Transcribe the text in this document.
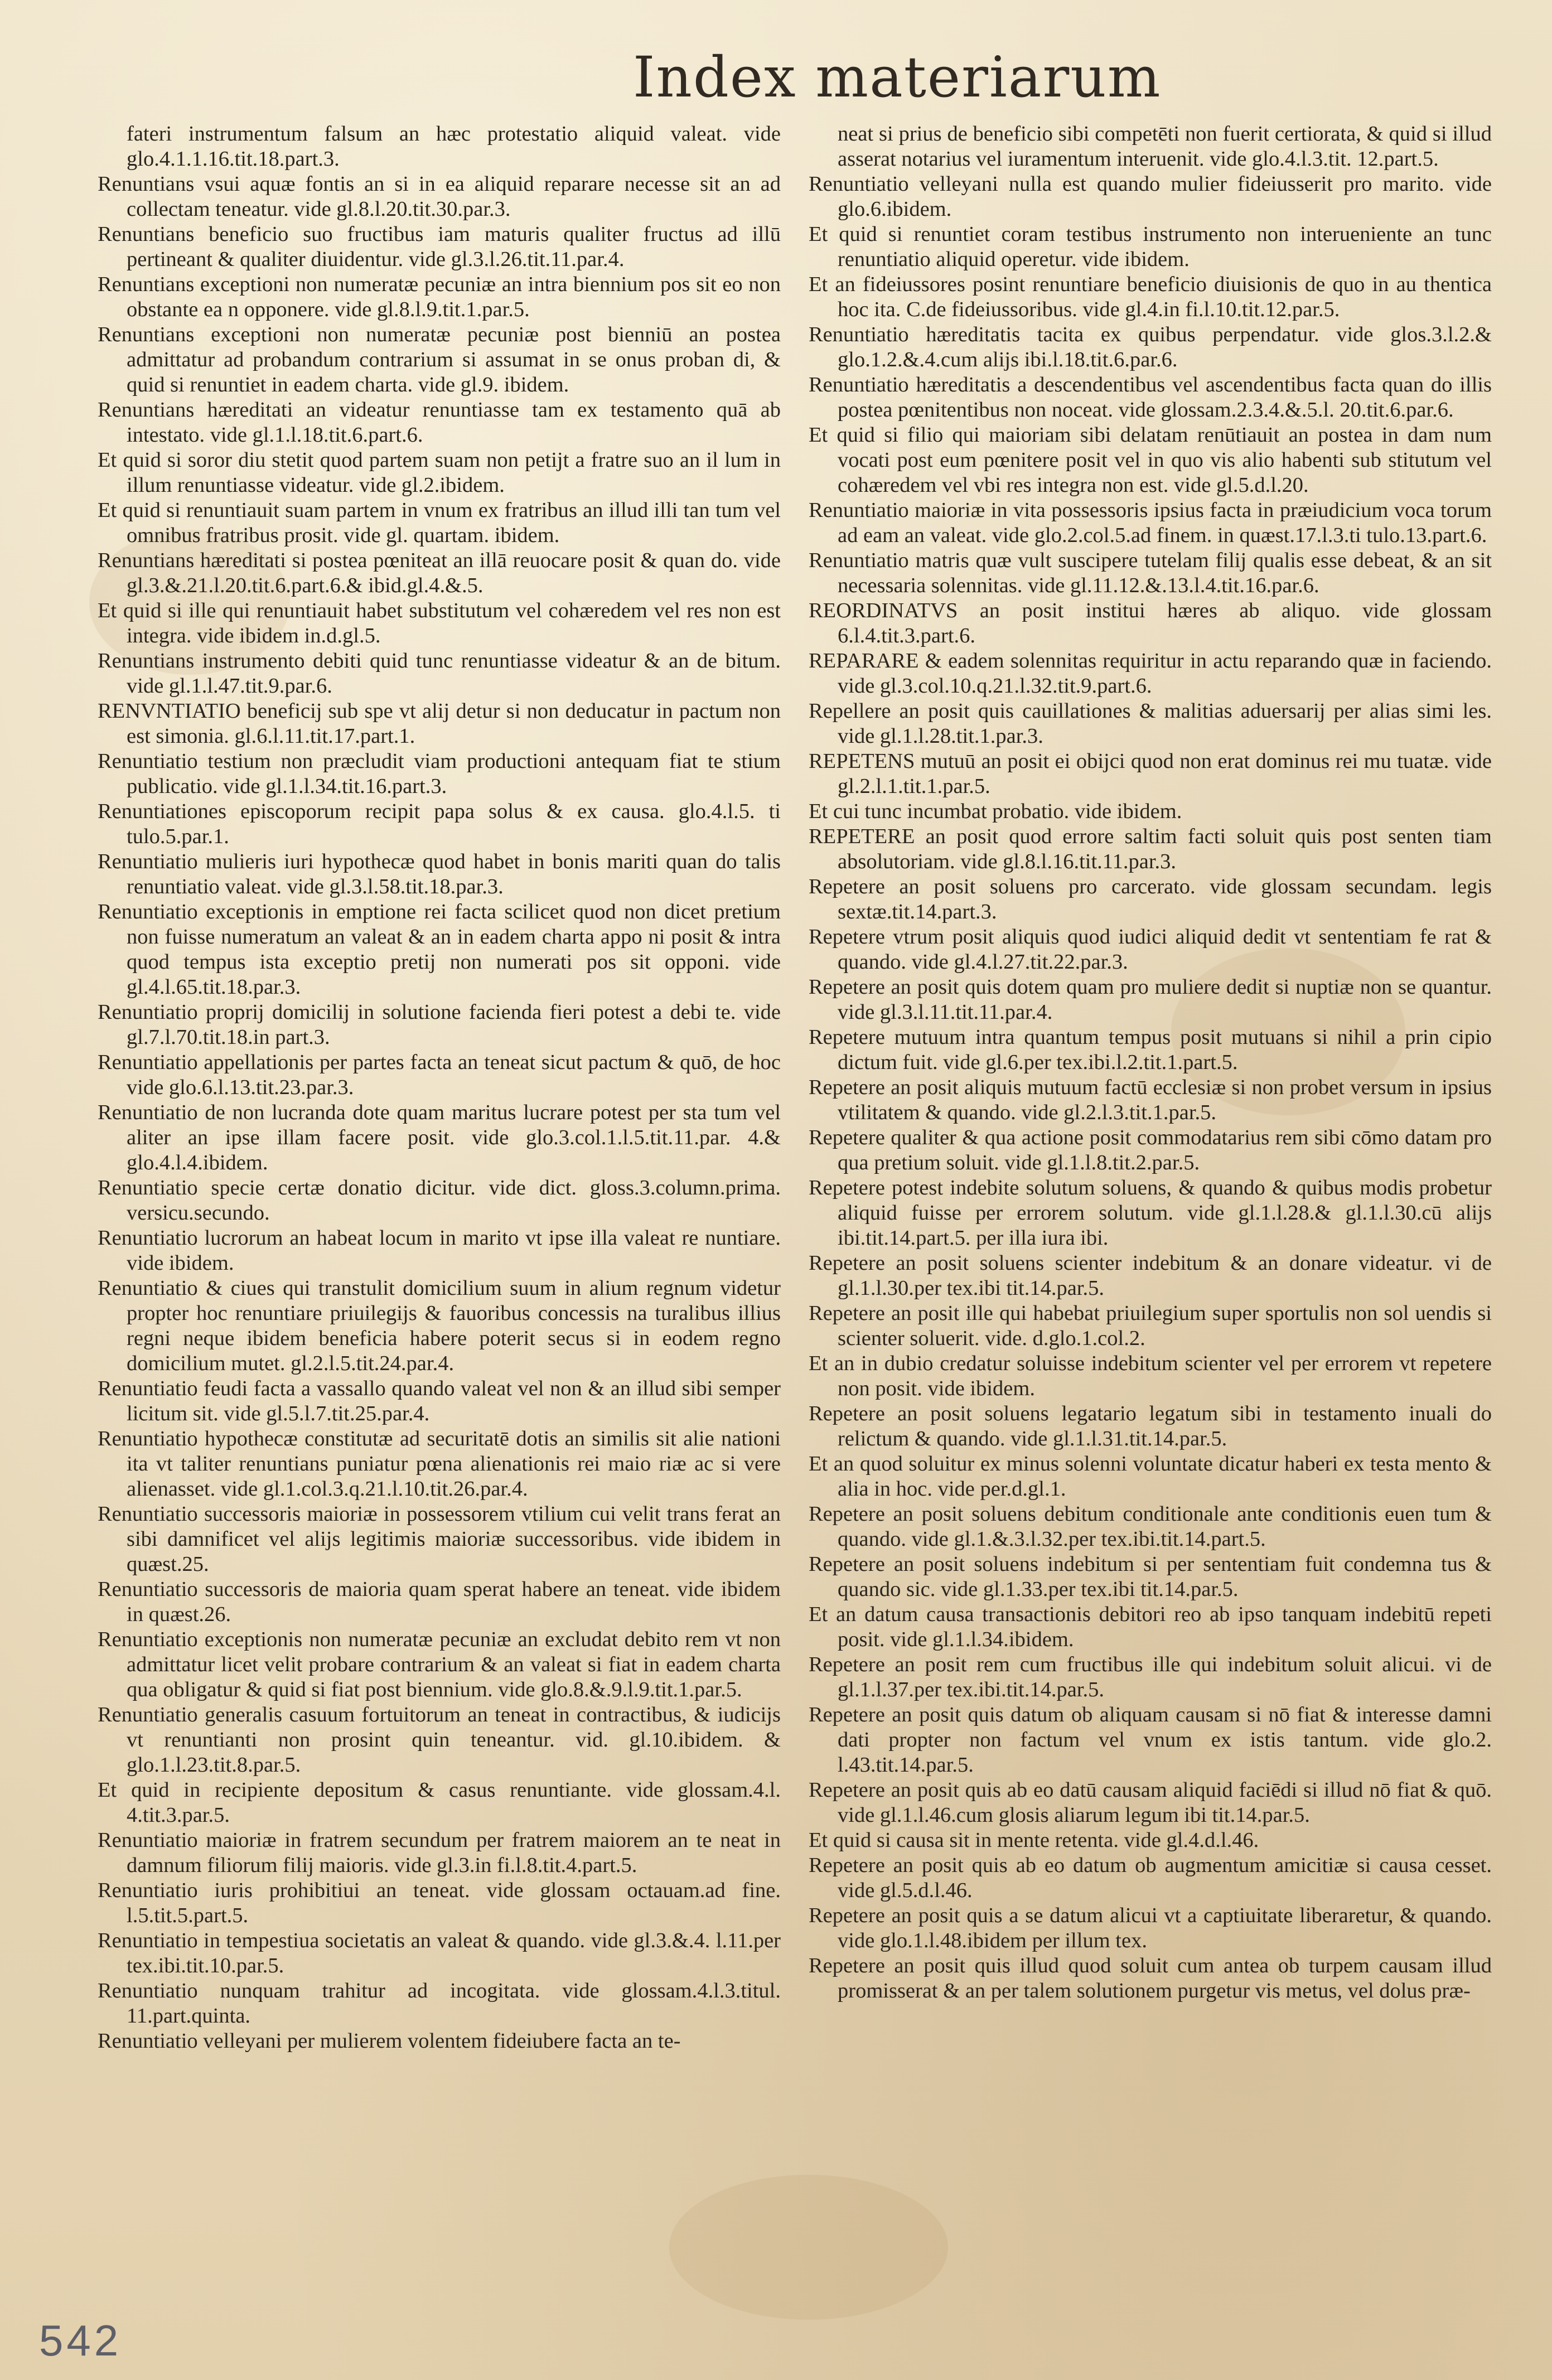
Index materiarum

fateri instrumentum falsum an hæc protestatio aliquid valeat. vide glo.4.1.1.16.tit.18.part.3.

Renuntians vsui aquæ fontis an si in ea aliquid reparare necesse sit an ad collectam teneatur. vide gl.8.l.20.tit.30.par.3.

Renuntians beneficio suo fructibus iam maturis qualiter fructus ad illū pertineant & qualiter diuidentur. vide gl.3.l.26.tit.11.par.4.

Renuntians exceptioni non numeratæ pecuniæ an intra biennium pos sit eo non obstante ea n opponere. vide gl.8.l.9.tit.1.par.5.

Renuntians exceptioni non numeratæ pecuniæ post bienniū an postea admittatur ad probandum contrarium si assumat in se onus proban di, & quid si renuntiet in eadem charta. vide gl.9. ibidem.

Renuntians hæreditati an videatur renuntiasse tam ex testamento quā ab intestato. vide gl.1.l.18.tit.6.part.6.

Et quid si soror diu stetit quod partem suam non petijt a fratre suo an il lum in illum renuntiasse videatur. vide gl.2.ibidem.

Et quid si renuntiauit suam partem in vnum ex fratribus an illud illi tan tum vel omnibus fratribus prosit. vide gl. quartam. ibidem.

Renuntians hæreditati si postea pœniteat an illā reuocare posit & quan do. vide gl.3.&.21.l.20.tit.6.part.6.& ibid.gl.4.&.5.

Et quid si ille qui renuntiauit habet substitutum vel cohæredem vel res non est integra. vide ibidem in.d.gl.5.

Renuntians instrumento debiti quid tunc renuntiasse videatur & an de bitum. vide gl.1.l.47.tit.9.par.6.

RENVNTIATIO beneficij sub spe vt alij detur si non deducatur in pactum non est simonia. gl.6.l.11.tit.17.part.1.

Renuntiatio testium non præcludit viam productioni antequam fiat te stium publicatio. vide gl.1.l.34.tit.16.part.3.

Renuntiationes episcoporum recipit papa solus & ex causa. glo.4.l.5. ti tulo.5.par.1.

Renuntiatio mulieris iuri hypothecæ quod habet in bonis mariti quan do talis renuntiatio valeat. vide gl.3.l.58.tit.18.par.3.

Renuntiatio exceptionis in emptione rei facta scilicet quod non dicet pretium non fuisse numeratum an valeat & an in eadem charta appo ni posit & intra quod tempus ista exceptio pretij non numerati pos sit opponi. vide gl.4.l.65.tit.18.par.3.

Renuntiatio proprij domicilij in solutione facienda fieri potest a debi te. vide gl.7.l.70.tit.18.in part.3.

Renuntiatio appellationis per partes facta an teneat sicut pactum & quō, de hoc vide glo.6.l.13.tit.23.par.3.

Renuntiatio de non lucranda dote quam maritus lucrare potest per sta tum vel aliter an ipse illam facere posit. vide glo.3.col.1.l.5.tit.11.par. 4.& glo.4.l.4.ibidem.

Renuntiatio specie certæ donatio dicitur. vide dict. gloss.3.column.prima. versicu.secundo.

Renuntiatio lucrorum an habeat locum in marito vt ipse illa valeat re nuntiare. vide ibidem.

Renuntiatio & ciues qui transtulit domicilium suum in alium regnum videtur propter hoc renuntiare priuilegijs & fauoribus concessis na turalibus illius regni neque ibidem beneficia habere poterit secus si in eodem regno domicilium mutet. gl.2.l.5.tit.24.par.4.

Renuntiatio feudi facta a vassallo quando valeat vel non & an illud sibi semper licitum sit. vide gl.5.l.7.tit.25.par.4.

Renuntiatio hypothecæ constitutæ ad securitatē dotis an similis sit alie nationi ita vt taliter renuntians puniatur pœna alienationis rei maio riæ ac si vere alienasset. vide gl.1.col.3.q.21.l.10.tit.26.par.4.

Renuntiatio successoris maioriæ in possessorem vtilium cui velit trans ferat an sibi damnificet vel alijs legitimis maioriæ successoribus. vide ibidem in quæst.25.

Renuntiatio successoris de maioria quam sperat habere an teneat. vide ibidem in quæst.26.

Renuntiatio exceptionis non numeratæ pecuniæ an excludat debito rem vt non admittatur licet velit probare contrarium & an valeat si fiat in eadem charta qua obligatur & quid si fiat post biennium. vide glo.8.&.9.l.9.tit.1.par.5.

Renuntiatio generalis casuum fortuitorum an teneat in contractibus, & iudicijs vt renuntianti non prosint quin teneantur. vid. gl.10.ibidem. & glo.1.l.23.tit.8.par.5.

Et quid in recipiente depositum & casus renuntiante. vide glossam.4.l. 4.tit.3.par.5.

Renuntiatio maioriæ in fratrem secundum per fratrem maiorem an te neat in damnum filiorum filij maioris. vide gl.3.in fi.l.8.tit.4.part.5.

Renuntiatio iuris prohibitiui an teneat. vide glossam octauam.ad fine. l.5.tit.5.part.5.

Renuntiatio in tempestiua societatis an valeat & quando. vide gl.3.&.4. l.11.per tex.ibi.tit.10.par.5.

Renuntiatio nunquam trahitur ad incogitata. vide glossam.4.l.3.titul. 11.part.quinta.

Renuntiatio velleyani per mulierem volentem fideiubere facta an te-

neat si prius de beneficio sibi competēti non fuerit certiorata, & quid si illud asserat notarius vel iuramentum interuenit. vide glo.4.l.3.tit. 12.part.5.

Renuntiatio velleyani nulla est quando mulier fideiusserit pro marito. vide glo.6.ibidem.

Et quid si renuntiet coram testibus instrumento non interueniente an tunc renuntiatio aliquid operetur. vide ibidem.

Et an fideiussores posint renuntiare beneficio diuisionis de quo in au thentica hoc ita. C.de fideiussoribus. vide gl.4.in fi.l.10.tit.12.par.5.

Renuntiatio hæreditatis tacita ex quibus perpendatur. vide glos.3.l.2.& glo.1.2.&.4.cum alijs ibi.l.18.tit.6.par.6.

Renuntiatio hæreditatis a descendentibus vel ascendentibus facta quan do illis postea pœnitentibus non noceat. vide glossam.2.3.4.&.5.l. 20.tit.6.par.6.

Et quid si filio qui maioriam sibi delatam renūtiauit an postea in dam num vocati post eum pœnitere posit vel in quo vis alio habenti sub stitutum vel cohæredem vel vbi res integra non est. vide gl.5.d.l.20.

Renuntiatio maioriæ in vita possessoris ipsius facta in præiudicium voca torum ad eam an valeat. vide glo.2.col.5.ad finem. in quæst.17.l.3.ti tulo.13.part.6.

Renuntiatio matris quæ vult suscipere tutelam filij qualis esse debeat, & an sit necessaria solennitas. vide gl.11.12.&.13.l.4.tit.16.par.6.

REORDINATVS an posit institui hæres ab aliquo. vide glossam 6.l.4.tit.3.part.6.

REPARARE & eadem solennitas requiritur in actu reparando quæ in faciendo. vide gl.3.col.10.q.21.l.32.tit.9.part.6.

Repellere an posit quis cauillationes & malitias aduersarij per alias simi les. vide gl.1.l.28.tit.1.par.3.

REPETENS mutuū an posit ei obijci quod non erat dominus rei mu tuatæ. vide gl.2.l.1.tit.1.par.5.

Et cui tunc incumbat probatio. vide ibidem.

REPETERE an posit quod errore saltim facti soluit quis post senten tiam absolutoriam. vide gl.8.l.16.tit.11.par.3.

Repetere an posit soluens pro carcerato. vide glossam secundam. legis sextæ.tit.14.part.3.

Repetere vtrum posit aliquis quod iudici aliquid dedit vt sententiam fe rat & quando. vide gl.4.l.27.tit.22.par.3.

Repetere an posit quis dotem quam pro muliere dedit si nuptiæ non se quantur. vide gl.3.l.11.tit.11.par.4.

Repetere mutuum intra quantum tempus posit mutuans si nihil a prin cipio dictum fuit. vide gl.6.per tex.ibi.l.2.tit.1.part.5.

Repetere an posit aliquis mutuum factū ecclesiæ si non probet versum in ipsius vtilitatem & quando. vide gl.2.l.3.tit.1.par.5.

Repetere qualiter & qua actione posit commodatarius rem sibi cōmo datam pro qua pretium soluit. vide gl.1.l.8.tit.2.par.5.

Repetere potest indebite solutum soluens, & quando & quibus modis probetur aliquid fuisse per errorem solutum. vide gl.1.l.28.& gl.1.l.30.cū alijs ibi.tit.14.part.5. per illa iura ibi.

Repetere an posit soluens scienter indebitum & an donare videatur. vi de gl.1.l.30.per tex.ibi tit.14.par.5.

Repetere an posit ille qui habebat priuilegium super sportulis non sol uendis si scienter soluerit. vide. d.glo.1.col.2.

Et an in dubio credatur soluisse indebitum scienter vel per errorem vt repetere non posit. vide ibidem.

Repetere an posit soluens legatario legatum sibi in testamento inuali do relictum & quando. vide gl.1.l.31.tit.14.par.5.

Et an quod soluitur ex minus solenni voluntate dicatur haberi ex testa mento & alia in hoc. vide per.d.gl.1.

Repetere an posit soluens debitum conditionale ante conditionis euen tum & quando. vide gl.1.&.3.l.32.per tex.ibi.tit.14.part.5.

Repetere an posit soluens indebitum si per sententiam fuit condemna tus & quando sic. vide gl.1.33.per tex.ibi tit.14.par.5.

Et an datum causa transactionis debitori reo ab ipso tanquam indebitū repeti posit. vide gl.1.l.34.ibidem.

Repetere an posit rem cum fructibus ille qui indebitum soluit alicui. vi de gl.1.l.37.per tex.ibi.tit.14.par.5.

Repetere an posit quis datum ob aliquam causam si nō fiat & interesse damni dati propter non factum vel vnum ex istis tantum. vide glo.2. l.43.tit.14.par.5.

Repetere an posit quis ab eo datū causam aliquid faciēdi si illud nō fiat & quō. vide gl.1.l.46.cum glosis aliarum legum ibi tit.14.par.5.

Et quid si causa sit in mente retenta. vide gl.4.d.l.46.

Repetere an posit quis ab eo datum ob augmentum amicitiæ si causa cesset. vide gl.5.d.l.46.

Repetere an posit quis a se datum alicui vt a captiuitate liberaretur, & quando. vide glo.1.l.48.ibidem per illum tex.

Repetere an posit quis illud quod soluit cum antea ob turpem causam illud promisserat & an per talem solutionem purgetur vis metus, vel dolus præ-

542
